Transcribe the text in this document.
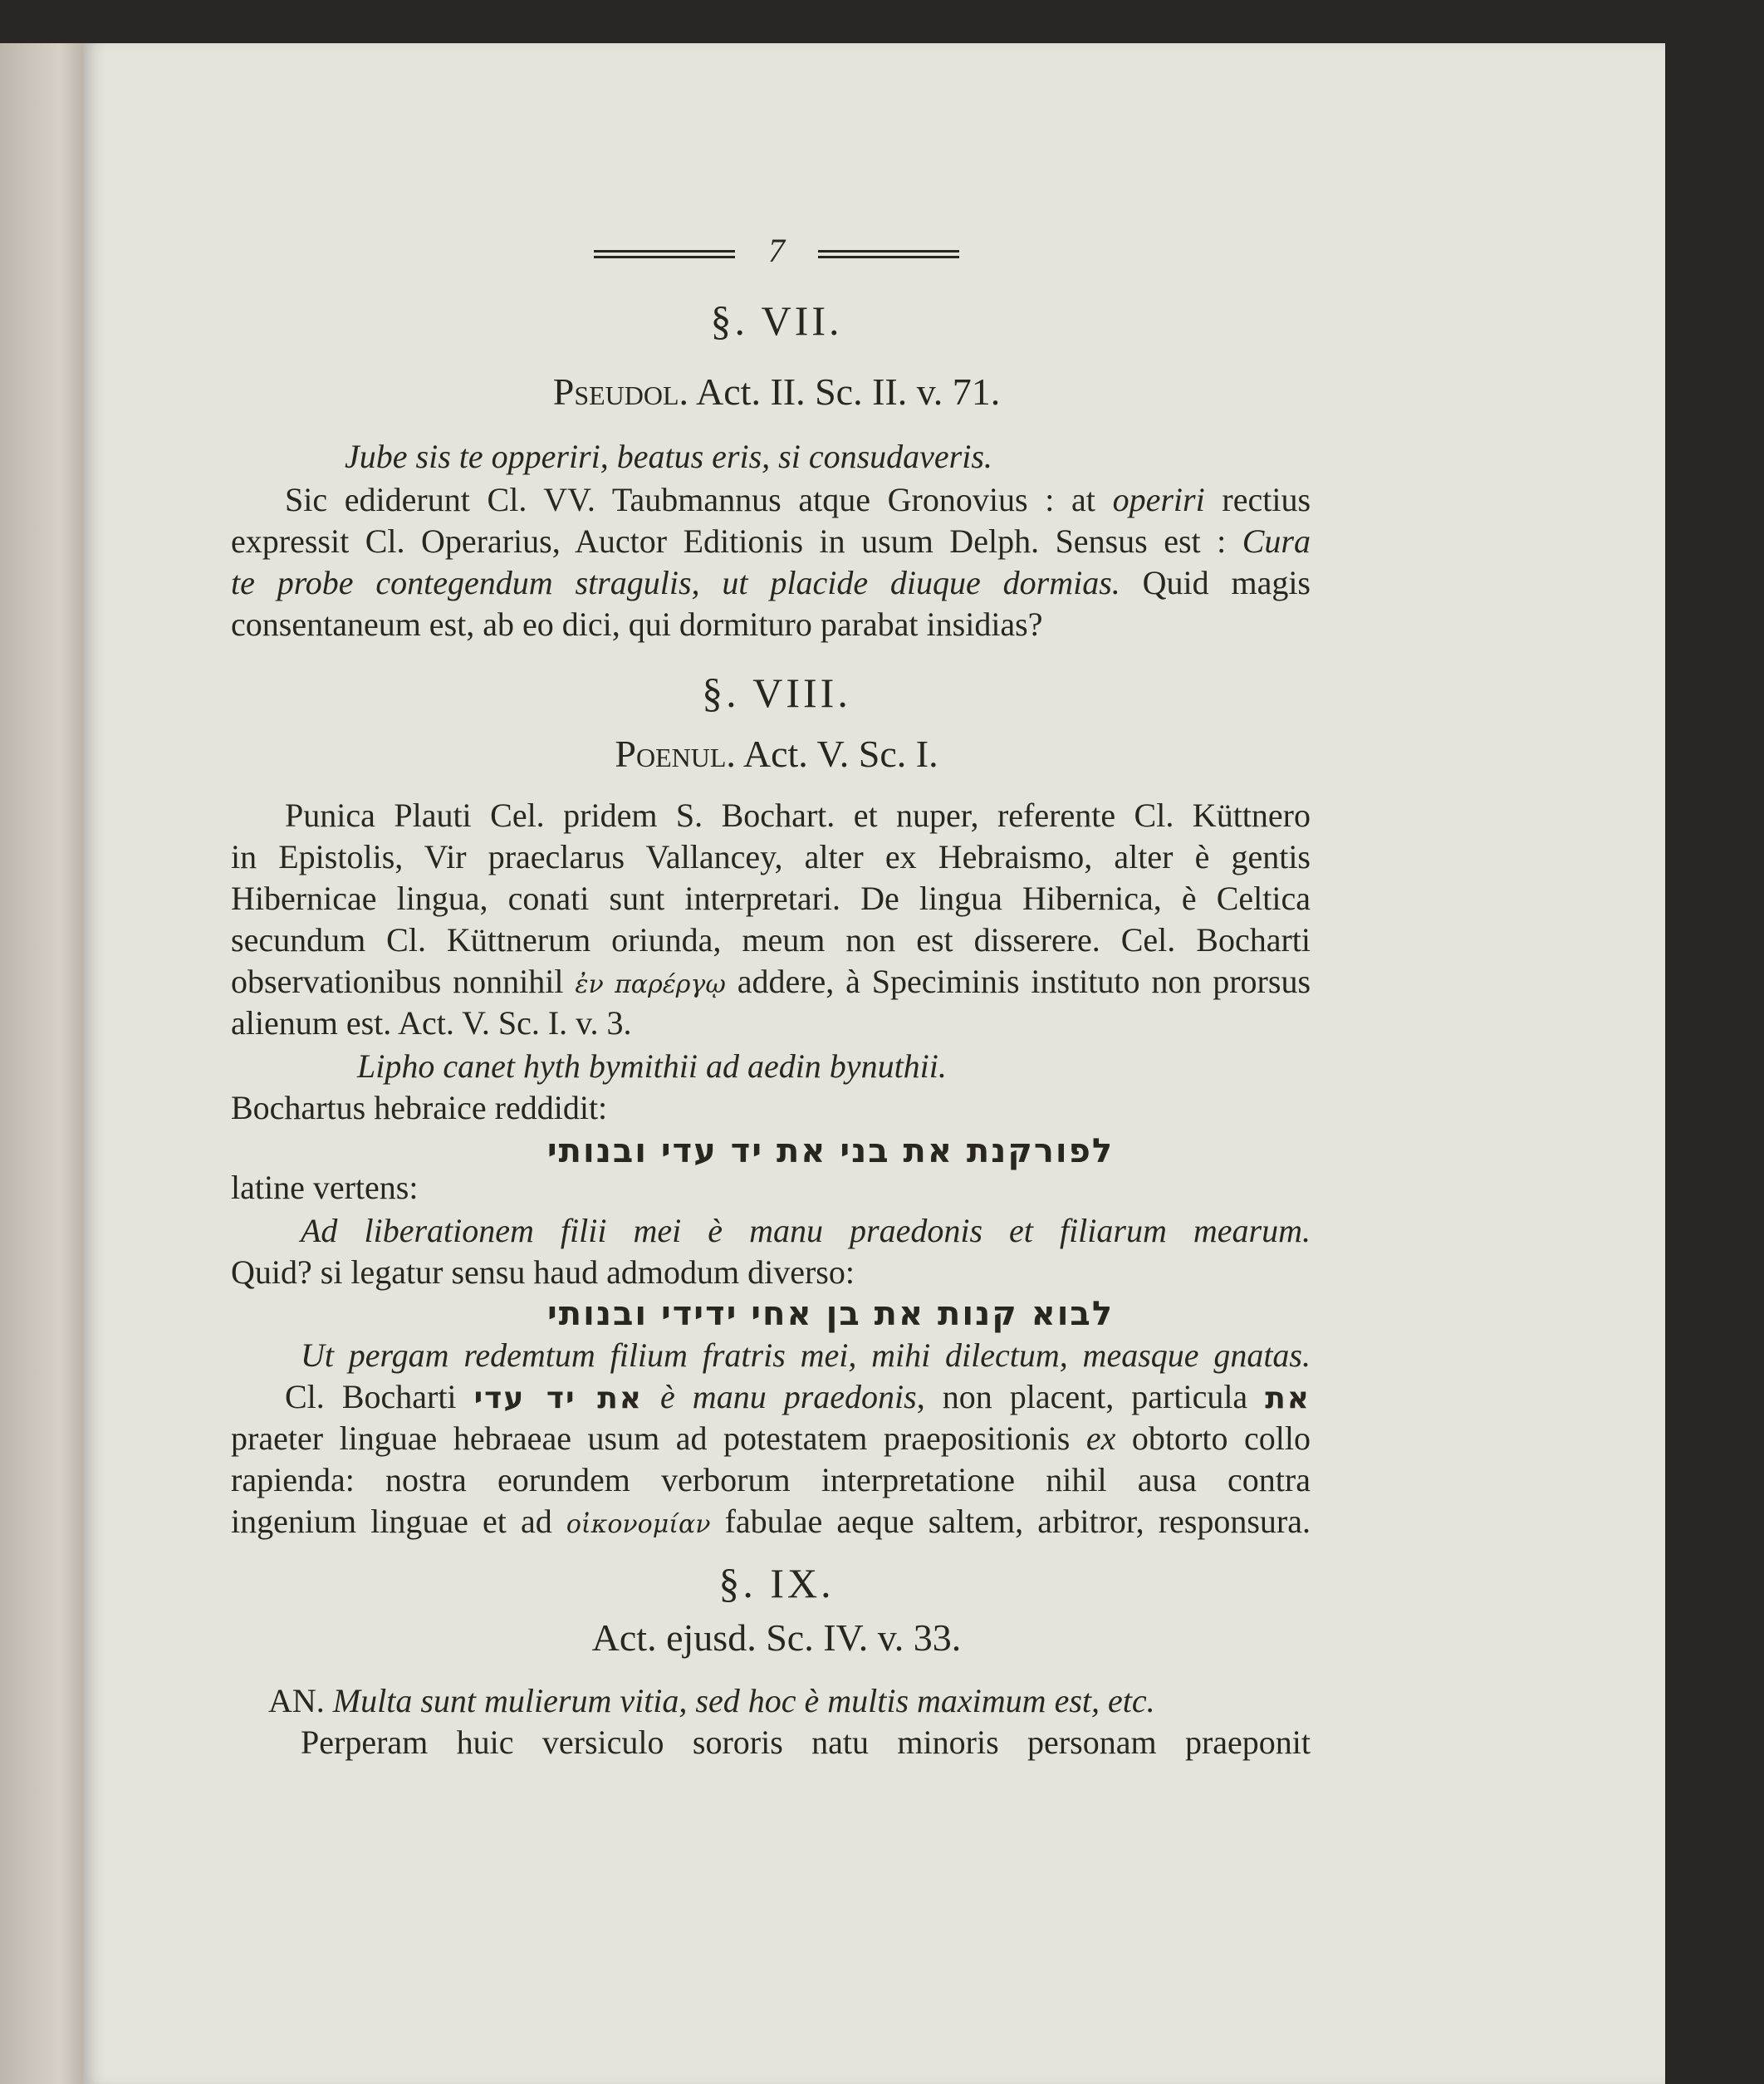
7
§. VII.
Pseudol. Act. II. Sc. II. v. 71.
Jube sis te opperiri, beatus eris, si consudaveris.
Sic ediderunt Cl. VV. Taubmannus atque Gronovius : at operiri rectius
expressit Cl. Operarius, Auctor Editionis in usum Delph. Sensus est : Cura
te probe contegendum stragulis, ut placide diuque dormias. Quid magis
consentaneum est, ab eo dici, qui dormituro parabat insidias?
§. VIII.
Poenul. Act. V. Sc. I.
Punica Plauti Cel. pridem S. Bochart. et nuper, referente Cl. Küttnero
in Epistolis, Vir praeclarus Vallancey, alter ex Hebraismo, alter è gentis
Hibernicae lingua, conati sunt interpretari. De lingua Hibernica, è Celtica
secundum Cl. Küttnerum oriunda, meum non est disserere. Cel. Bocharti
observationibus nonnihil ἐν παρέργῳ addere, à Speciminis instituto non prorsus
alienum est. Act. V. Sc. I. v. 3.
Lipho canet hyth bymithii ad aedin bynuthii.
Bochartus hebraice reddidit:
לפורקנת את בני את יד עדי ובנותי
latine vertens:
Ad liberationem filii mei è manu praedonis et filiarum mearum.
Quid? si legatur sensu haud admodum diverso:
לבוא קנות את בן אחי ידידי ובנותי
Ut pergam redemtum filium fratris mei, mihi dilectum, measque gnatas.
Cl. Bocharti את יד עדי è manu praedonis, non placent, particula את
praeter linguae hebraeae usum ad potestatem praepositionis ex obtorto collo
rapienda: nostra eorundem verborum interpretatione nihil ausa contra
ingenium linguae et ad οἰκονομίαν fabulae aeque saltem, arbitror, responsura.
§. IX.
Act. ejusd. Sc. IV. v. 33.
AN. Multa sunt mulierum vitia, sed hoc è multis maximum est, etc.
Perperam huic versiculo sororis natu minoris personam praeponit
